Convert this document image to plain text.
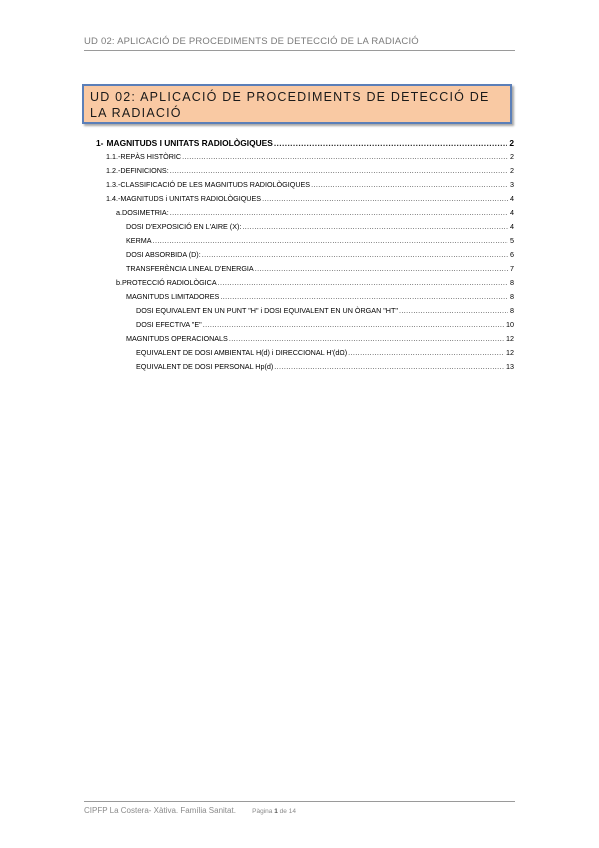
UD 02: APLICACIÓ DE PROCEDIMENTS DE DETECCIÓ DE LA RADIACIÓ
UD 02: APLICACIÓ DE PROCEDIMENTS DE DETECCIÓ DE
LA RADIACIÓ
1- MAGNITUDS I UNITATS RADIOLÒGIQUES .....	2
1.1.- REPÀS HISTÒRIC .....	2
1.2.- DEFINICIONS: .....	2
1.3.- CLASSIFICACIÓ DE LES MAGNITUDS RADIOLÒGIQUES .....	3
1.4.- MAGNITUDS i UNITATS RADIOLÒGIQUES .....	4
a. DOSIMETRIA: .....	4
DOSI D'EXPOSICIÓ EN L'AIRE (X): .....	4
KERMA .....	5
DOSI ABSORBIDA (D): .....	6
TRANSFERÈNCIA LINEAL D'ENERGIA .....	7
b. PROTECCIÓ RADIOLÒGICA .....	8
MAGNITUDS LIMITADORES .....	8
DOSI EQUIVALENT EN UN PUNT "H" i DOSI EQUIVALENT EN UN ÒRGAN "HT" .....	8
DOSI EFECTIVA "E" .....	10
MAGNITUDS OPERACIONALS .....	12
EQUIVALENT DE DOSI AMBIENTAL H(d) i DIRECCIONAL H'(dΩ) .....	12
EQUIVALENT DE DOSI PERSONAL Hp(d) .....	13
CIPFP La Costera- Xàtiva. Família Sanitat. Pàgina 1 de 14
